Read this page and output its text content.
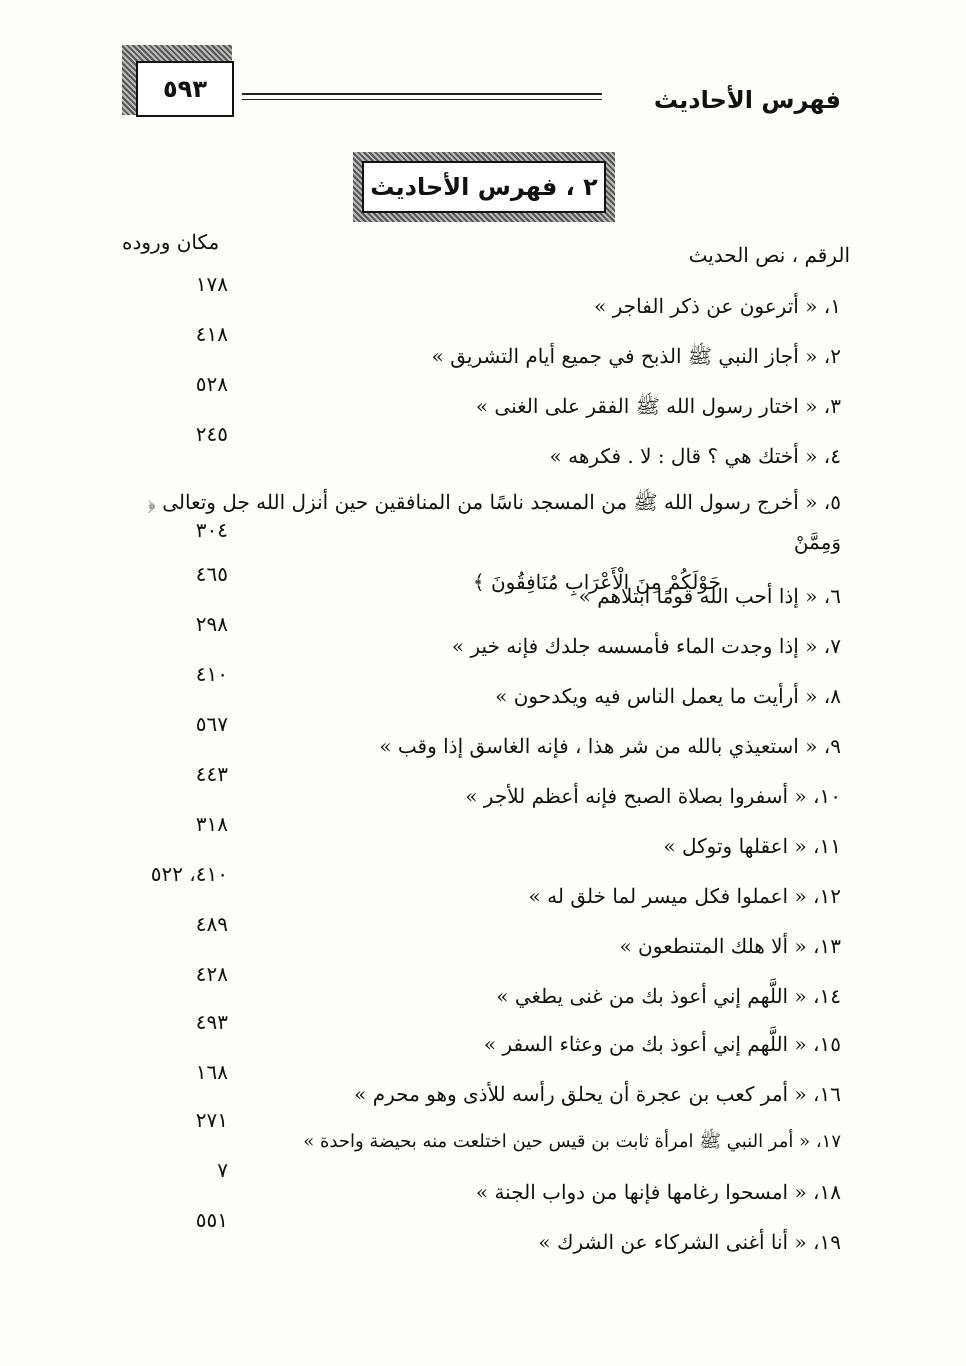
٥٩٣	فهرس الأحاديث
٢ ، فهرس الأحاديث
مكان وروده
الرقم ، نص الحديث
١، « أترعون عن ذكر الفاجر »
١٧٨
٢، « أجاز النبي ﷺ الذبح في جميع أيام التشريق »
٤١٨
٣، « اختار رسول الله ﷺ الفقر على الغنى »
٥٢٨
٤، « أختك هي ؟ قال : لا . فكرهه »
٢٤٥
٥، « أخرج رسول الله ﷺ من المسجد ناسًا من المنافقين حين أنزل الله جل وتعالى ﴿ وَمِمَّنْ
حَوْلَكُمْ مِنَ الْأَعْرَابِ مُنَافِقُونَ ﴾
٣٠٤
٦، « إذا أحب الله قومًا ابتلاهم »
٤٦٥
٧، « إذا وجدت الماء فأمسسه جلدك فإنه خير »
٢٩٨
٨، « أرأيت ما يعمل الناس فيه ويكدحون »
٤١٠
٩، « استعيذي بالله من شر هذا ، فإنه الغاسق إذا وقب »
٥٦٧
١٠، « أسفروا بصلاة الصبح فإنه أعظم للأجر »
٤٤٣
١١، « اعقلها وتوكل »
٣١٨
١٢، « اعملوا فكل ميسر لما خلق له »
٤١٠، ٥٢٢
١٣، « ألا هلك المتنطعون »
٤٨٩
١٤، « اللَّهم إني أعوذ بك من غنى يطغي »
٤٢٨
١٥، « اللَّهم إني أعوذ بك من وعثاء السفر »
٤٩٣
١٦، « أمر كعب بن عجرة أن يحلق رأسه للأذى وهو محرم »
١٦٨
١٧، « أمر النبي ﷺ امرأة ثابت بن قيس حين اختلعت منه بحيضة واحدة »
٢٧١
١٨، « امسحوا رغامها فإنها من دواب الجنة »
٧
١٩، « أنا أغنى الشركاء عن الشرك »
٥٥١
